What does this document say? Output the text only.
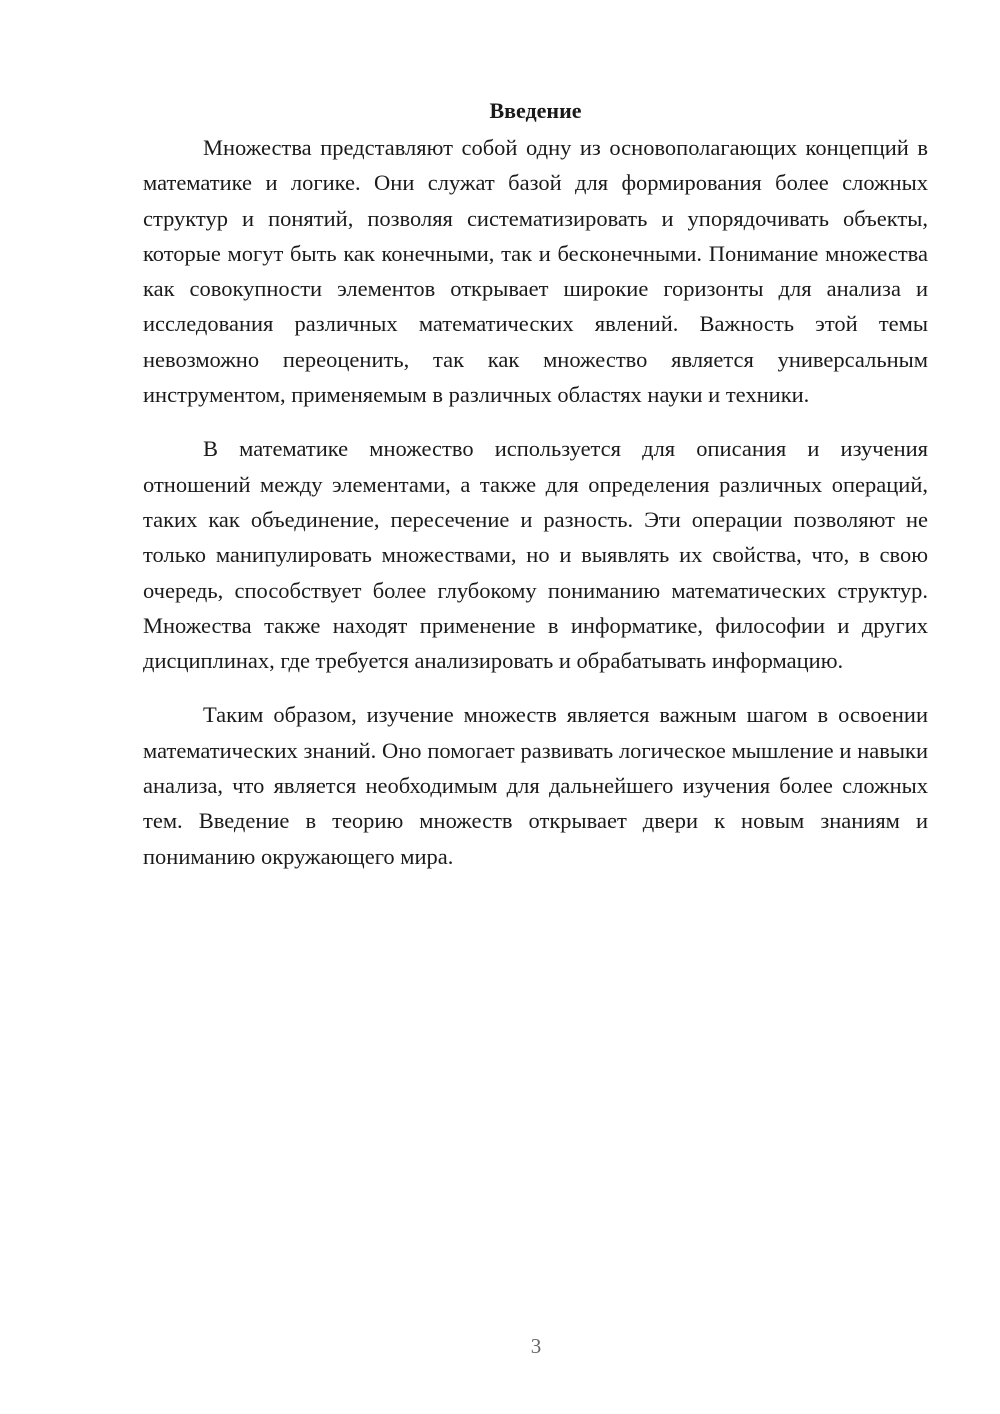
Введение

Множества представляют собой одну из основополагающих концепций в математике и логике. Они служат базой для формирования более сложных структур и понятий, позволяя систематизировать и упорядочивать объекты, которые могут быть как конечными, так и бесконечными. Понимание множества как совокупности элементов открывает широкие горизонты для анализа и исследования различных математических явлений. Важность этой темы невозможно переоценить, так как множество является универсальным инструментом, применяемым в различных областях науки и техники.

В математике множество используется для описания и изучения отношений между элементами, а также для определения различных операций, таких как объединение, пересечение и разность. Эти операции позволяют не только манипулировать множествами, но и выявлять их свойства, что, в свою очередь, способствует более глубокому пониманию математических структур. Множества также находят применение в информатике, философии и других дисциплинах, где требуется анализировать и обрабатывать информацию.

Таким образом, изучение множеств является важным шагом в освоении математических знаний. Оно помогает развивать логическое мышление и навыки анализа, что является необходимым для дальнейшего изучения более сложных тем. Введение в теорию множеств открывает двери к новым знаниям и пониманию окружающего мира.

3
